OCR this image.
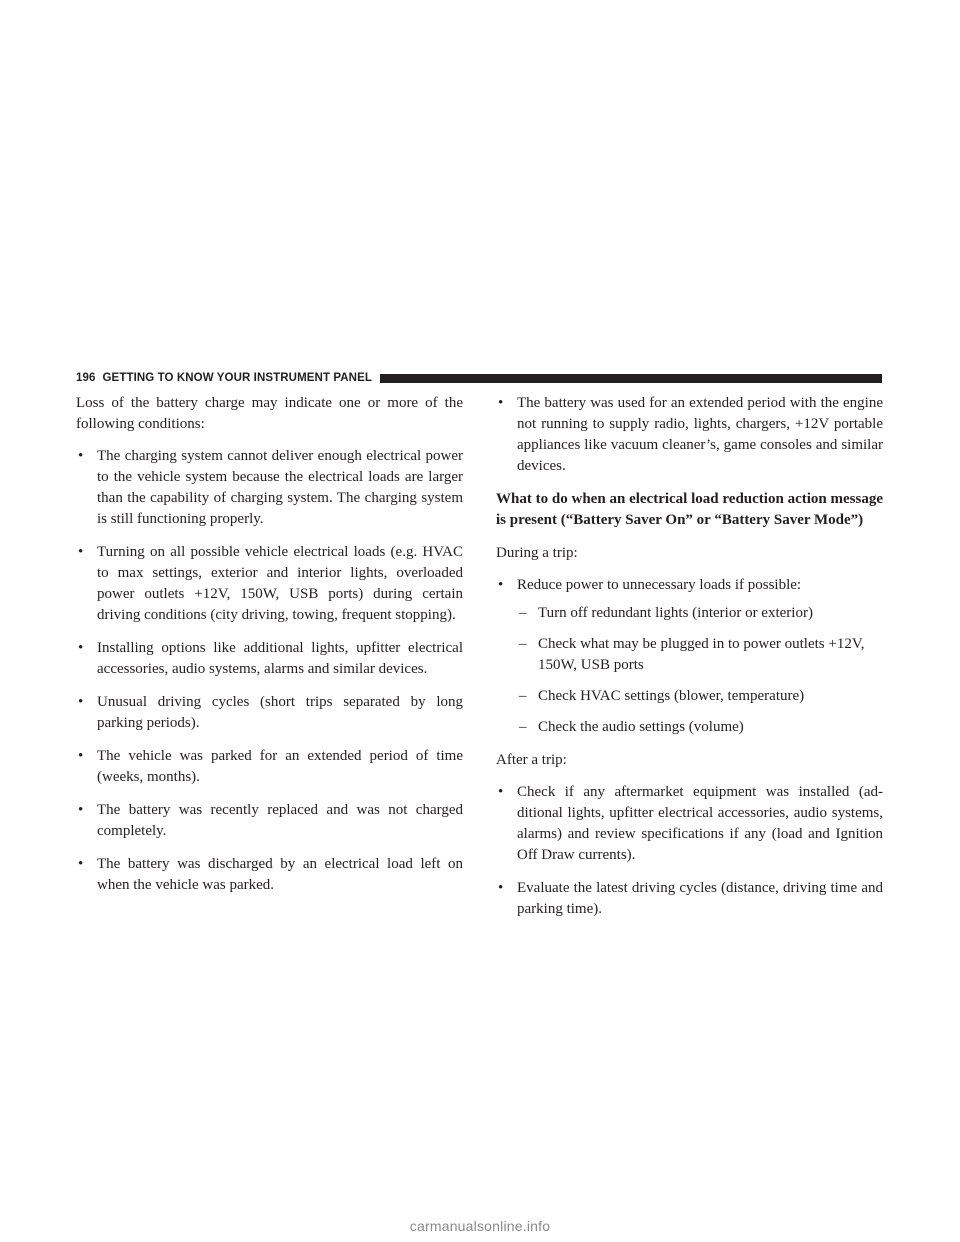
196 GETTING TO KNOW YOUR INSTRUMENT PANEL

Loss of the battery charge may indicate one or more of the following conditions:

• The charging system cannot deliver enough electrical power to the vehicle system because the electrical loads are larger than the capability of charging system. The charging system is still functioning properly.
• Turning on all possible vehicle electrical loads (e.g. HVAC to max settings, exterior and interior lights, overloaded power outlets +12V, 150W, USB ports) during certain driving conditions (city driving, towing, frequent stopping).
• Installing options like additional lights, upfitter electrical accessories, audio systems, alarms and similar devices.
• Unusual driving cycles (short trips separated by long parking periods).
• The vehicle was parked for an extended period of time (weeks, months).
• The battery was recently replaced and was not charged completely.
• The battery was discharged by an electrical load left on when the vehicle was parked.
• The battery was used for an extended period with the engine not running to supply radio, lights, chargers, +12V portable appliances like vacuum cleaner’s, game consoles and similar devices.

What to do when an electrical load reduction action message is present (“Battery Saver On” or “Battery Saver Mode”)

During a trip:

• Reduce power to unnecessary loads if possible:
– Turn off redundant lights (interior or exterior)
– Check what may be plugged in to power outlets +12V, 150W, USB ports
– Check HVAC settings (blower, temperature)
– Check the audio settings (volume)

After a trip:

• Check if any aftermarket equipment was installed (additional lights, upfitter electrical accessories, audio systems, alarms) and review specifications if any (load and Ignition Off Draw currents).
• Evaluate the latest driving cycles (distance, driving time and parking time).
carmanualsonline.info
